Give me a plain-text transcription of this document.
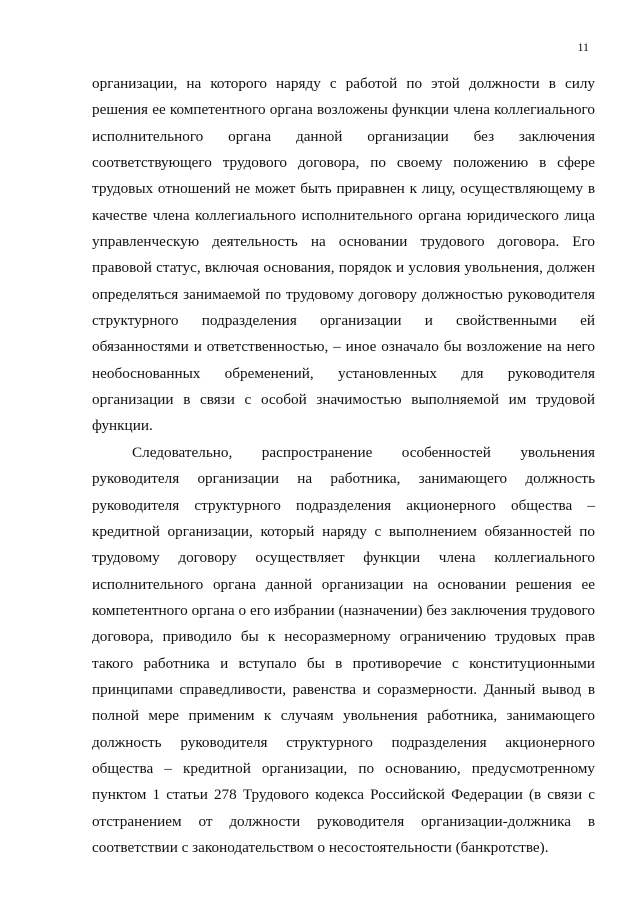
11

организации, на которого наряду с работой по этой должности в силу решения ее компетентного органа возложены функции члена коллегиального исполнительного органа данной организации без заключения соответствующего трудового договора, по своему положению в сфере трудовых отношений не может быть приравнен к лицу, осуществляющему в качестве члена коллегиального исполнительного органа юридического лица управленческую деятельность на основании трудового договора. Его правовой статус, включая основания, порядок и условия увольнения, должен определяться занимаемой по трудовому договору должностью руководителя структурного подразделения организации и свойственными ей обязанностями и ответственностью, – иное означало бы возложение на него необоснованных обременений, установленных для руководителя организации в связи с особой значимостью выполняемой им трудовой функции.

Следовательно, распространение особенностей увольнения руководителя организации на работника, занимающего должность руководителя структурного подразделения акционерного общества – кредитной организации, который наряду с выполнением обязанностей по трудовому договору осуществляет функции члена коллегиального исполнительного органа данной организации на основании решения ее компетентного органа о его избрании (назначении) без заключения трудового договора, приводило бы к несоразмерному ограничению трудовых прав такого работника и вступало бы в противоречие с конституционными принципами справедливости, равенства и соразмерности. Данный вывод в полной мере применим к случаям увольнения работника, занимающего должность руководителя структурного подразделения акционерного общества – кредитной организации, по основанию, предусмотренному пунктом 1 статьи 278 Трудового кодекса Российской Федерации (в связи с отстранением от должности руководителя организации-должника в соответствии с законодательством о несостоятельности (банкротстве).
